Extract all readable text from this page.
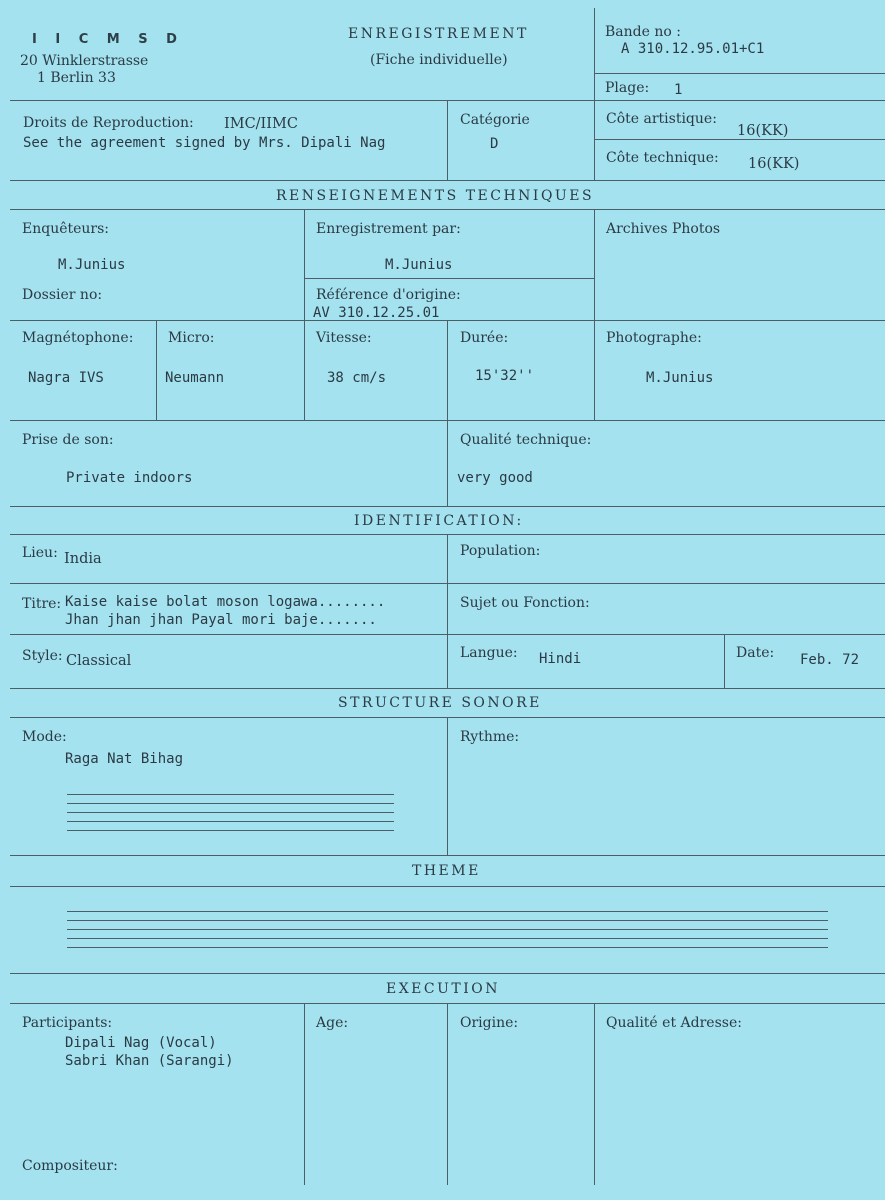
I I C M S D
20 Winklerstrasse
1 Berlin 33
ENREGISTREMENT
(Fiche individuelle)
Bande no :
A 310.12.95.01+C1
Plage: 1
Droits de Reproduction: IMC/IIMC
See the agreement signed by Mrs. Dipali Nag
Catégorie
D
Côte artistique:
16(KK)
Côte technique: 16(KK)
RENSEIGNEMENTS TECHNIQUES
Enquêteurs:
M.Junius
Enregistrement par:
M.Junius
Archives Photos
Dossier no:	Référence d'origine:
AV 310.12.25.01
Magnétophone:
Nagra IVS
Micro:
Neumann
Vitesse:
38 cm/s
Durée:
15'32''
Photographe:
M.Junius
Prise de son:
Private indoors
Qualité technique:
very good
IDENTIFICATION:
Lieu: India	Population:
Titre: Kaise kaise bolat moson logawa........
Jhan jhan jhan Payal mori baje.......
Sujet ou Fonction:
Style: Classical	Langue: Hindi	Date: Feb. 72
STRUCTURE SONORE
Mode:
Raga Nat Bihag
Rythme:
THEME
EXECUTION
Participants:
Dipali Nag (Vocal)
Sabri Khan (Sarangi)
Age:	Origine:	Qualité et Adresse:
Compositeur:
